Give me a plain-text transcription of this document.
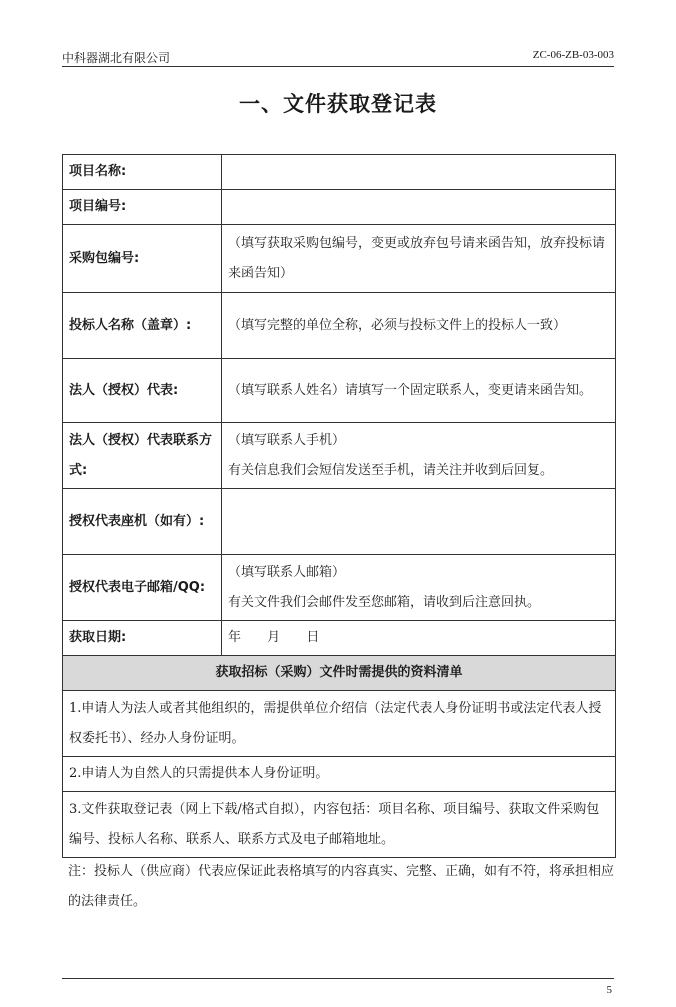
中科器湖北有限公司	ZC-06-ZB-03-003
一、文件获取登记表
项目名称:	
项目编号:	
采购包编号:	（填写获取采购包编号，变更或放弃包号请来函告知，放弃投标请来函告知）
投标人名称（盖章）:	（填写完整的单位全称，必须与投标文件上的投标人一致）
法人（授权）代表:	（填写联系人姓名）请填写一个固定联系人，变更请来函告知。
法人（授权）代表联系方式:	（填写联系人手机）
有关信息我们会短信发送至手机，请关注并收到后回复。

授权代表座机（如有）:	
授权代表电子邮箱/QQ:	（填写联系人邮箱）
有关文件我们会邮件发至您邮箱，请收到后注意回执。

获取日期:	年 月 日
获取招标（采购）文件时需提供的资料清单	
1.申请人为法人或者其他组织的，需提供单位介绍信（法定代表人身份证明书或法定代表人授权委托书）、经办人身份证明。	
2.申请人为自然人的只需提供本人身份证明。	
3.文件获取登记表（网上下载/格式自拟），内容包括：项目名称、项目编号、获取文件采购包编号、投标人名称、联系人、联系方式及电子邮箱地址。	
注：投标人（供应商）代表应保证此表格填写的内容真实、完整、正确，如有不符，将承担相应的法律责任。
5
